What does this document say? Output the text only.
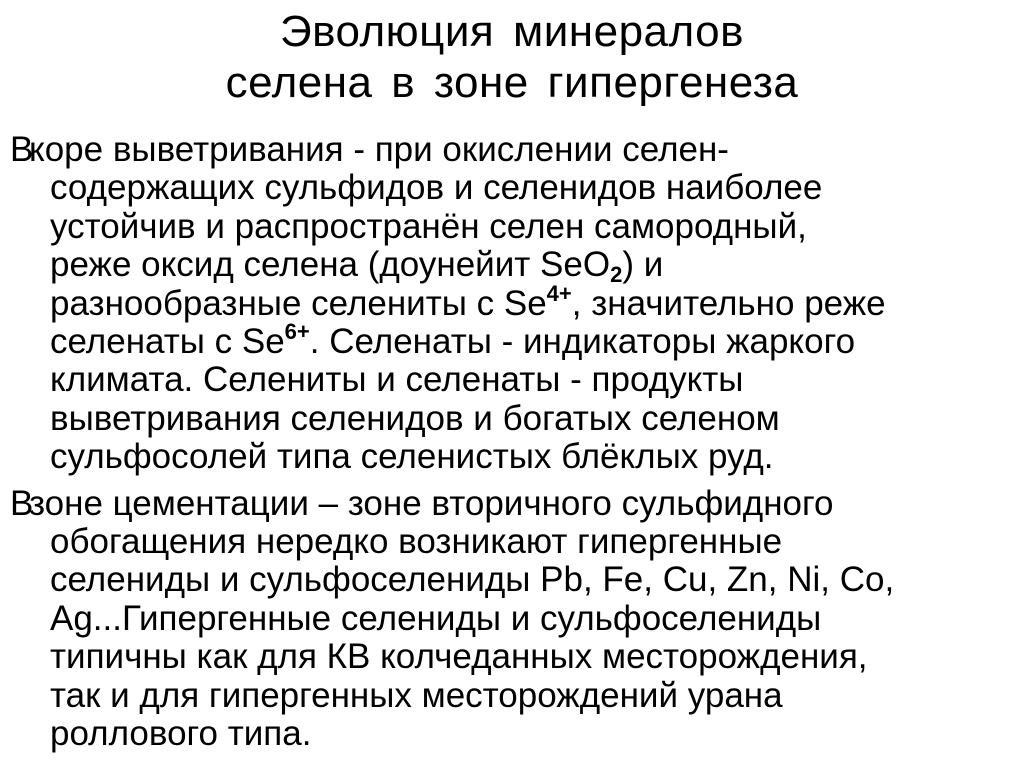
Эволюция минералов
селена в зоне гипергенеза
В
коре выветривания - при окислении селен-
содержащих сульфидов и селенидов наиболее
устойчив и распространён селен самородный,
реже оксид селена (доунейит SeO$_2$) и
разнообразные селениты с $Se^{4+}$, значительно реже
селенаты с $Se^{6+}$. Селенаты - индикаторы жаркого
климата. Селениты и селенаты - продукты
выветривания селенидов и богатых селеном
сульфосолей типа селенистых блёклых руд.
В
зоне цементации – зоне вторичного сульфидного
обогащения нередко возникают гипергенные
селениды и сульфоселениды Pb, Fe, Cu, Zn, Ni, Co,
Ag...Гипергенные селениды и сульфоселениды
типичны как для КВ колчеданных месторождения,
так и для гипергенных месторождений урана
роллового типа.
